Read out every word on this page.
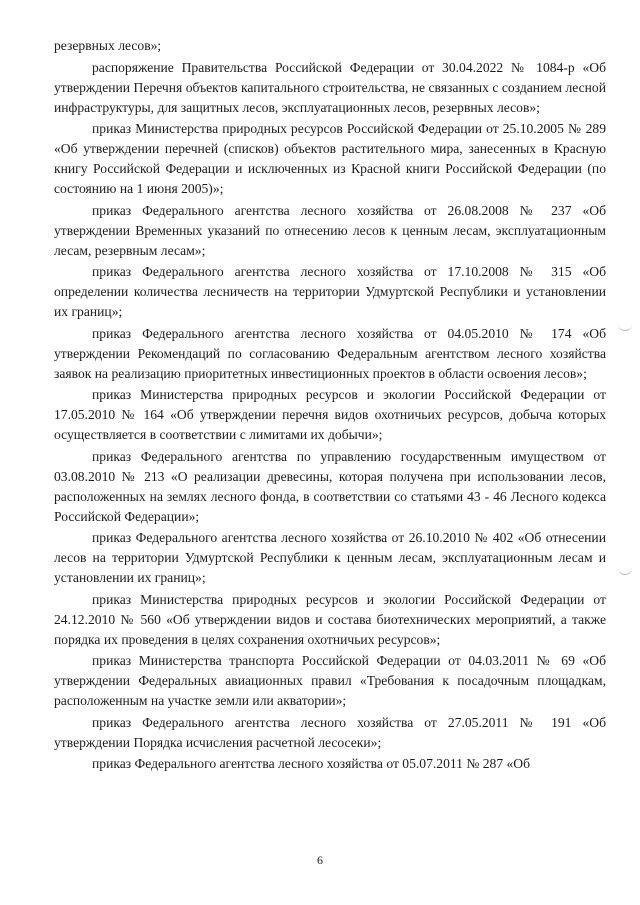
резервных лесов»;

распоряжение Правительства Российской Федерации от 30.04.2022 № 1084-р «Об утверждении Перечня объектов капитального строительства, не связанных с созданием лесной инфраструктуры, для защитных лесов, эксплуатационных лесов, резервных лесов»;

приказ Министерства природных ресурсов Российской Федерации от 25.10.2005 № 289 «Об утверждении перечней (списков) объектов растительного мира, занесенных в Красную книгу Российской Федерации и исключенных из Красной книги Российской Федерации (по состоянию на 1 июня 2005)»;

приказ Федерального агентства лесного хозяйства от 26.08.2008 № 237 «Об утверждении Временных указаний по отнесению лесов к ценным лесам, эксплуатационным лесам, резервным лесам»;

приказ Федерального агентства лесного хозяйства от 17.10.2008 № 315 «Об определении количества лесничеств на территории Удмуртской Республики и установлении их границ»;

приказ Федерального агентства лесного хозяйства от 04.05.2010 № 174 «Об утверждении Рекомендаций по согласованию Федеральным агентством лесного хозяйства заявок на реализацию приоритетных инвестиционных проектов в области освоения лесов»;

приказ Министерства природных ресурсов и экологии Российской Федерации от 17.05.2010 № 164 «Об утверждении перечня видов охотничьих ресурсов, добыча которых осуществляется в соответствии с лимитами их добычи»;

приказ Федерального агентства по управлению государственным имуществом от 03.08.2010 № 213 «О реализации древесины, которая получена при использовании лесов, расположенных на землях лесного фонда, в соответствии со статьями 43 - 46 Лесного кодекса Российской Федерации»;

приказ Федерального агентства лесного хозяйства от 26.10.2010 № 402 «Об отнесении лесов на территории Удмуртской Республики к ценным лесам, эксплуатационным лесам и установлении их границ»;

приказ Министерства природных ресурсов и экологии Российской Федерации от 24.12.2010 № 560 «Об утверждении видов и состава биотехнических мероприятий, а также порядка их проведения в целях сохранения охотничьих ресурсов»;

приказ Министерства транспорта Российской Федерации от 04.03.2011 № 69 «Об утверждении Федеральных авиационных правил «Требования к посадочным площадкам, расположенным на участке земли или акватории»;

приказ Федерального агентства лесного хозяйства от 27.05.2011 № 191 «Об утверждении Порядка исчисления расчетной лесосеки»;

приказ Федерального агентства лесного хозяйства от 05.07.2011 № 287 «Об

6
